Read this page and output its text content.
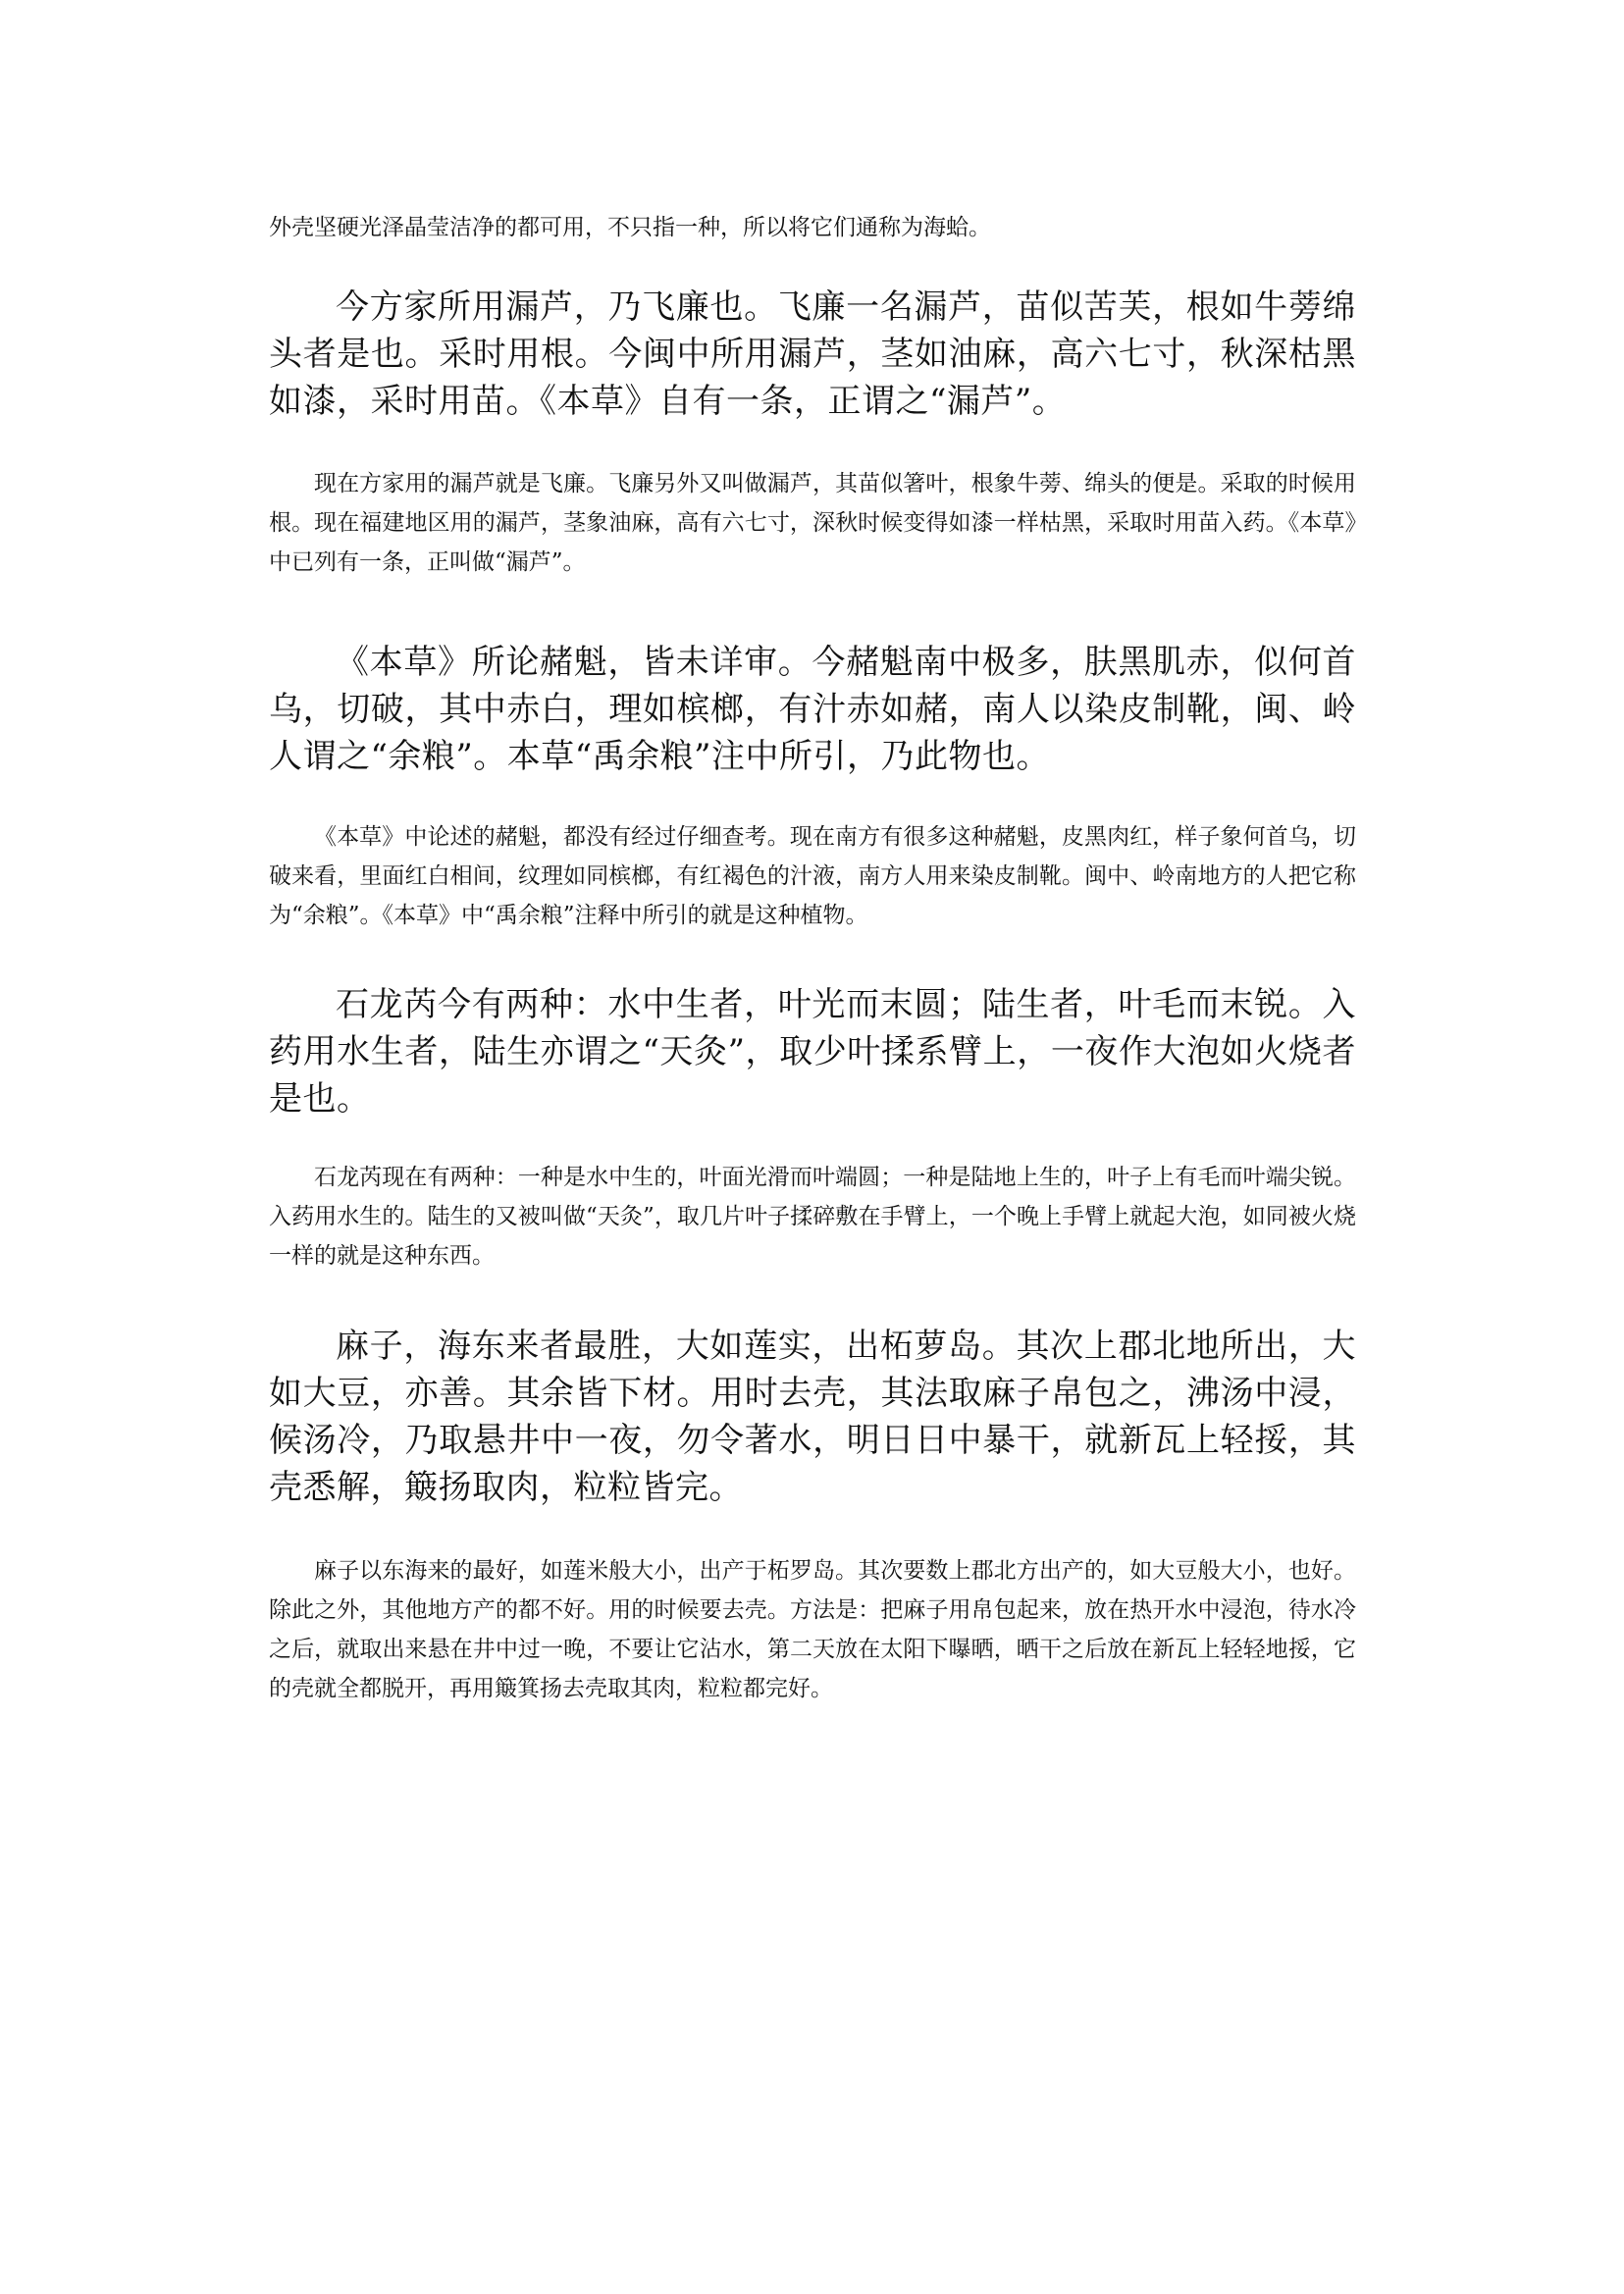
外壳坚硬光泽晶莹洁净的都可用，不只指一种，所以将它们通称为海蛤。

今方家所用漏芦，乃飞廉也。飞廉一名漏芦，苗似苦芙，根如牛蒡绵头者是也。采时用根。今闽中所用漏芦，茎如油麻，高六七寸，秋深枯黑如漆，采时用苗。《本草》自有一条，正谓之“漏芦”。

现在方家用的漏芦就是飞廉。飞廉另外又叫做漏芦，其苗似箸叶，根象牛蒡、绵头的便是。采取的时候用根。现在福建地区用的漏芦，茎象油麻，高有六七寸，深秋时候变得如漆一样枯黑，采取时用苗入药。《本草》中已列有一条，正叫做“漏芦”。

《本草》所论赭魁，皆未详审。今赭魁南中极多，肤黑肌赤，似何首乌，切破，其中赤白，理如槟榔，有汁赤如赭，南人以染皮制靴，闽、岭人谓之“余粮”。本草“禹余粮”注中所引，乃此物也。

《本草》中论述的赭魁，都没有经过仔细查考。现在南方有很多这种赭魁，皮黑肉红，样子象何首乌，切破来看，里面红白相间，纹理如同槟榔，有红褐色的汁液，南方人用来染皮制靴。闽中、岭南地方的人把它称为“余粮”。《本草》中“禹余粮”注释中所引的就是这种植物。

石龙芮今有两种：水中生者，叶光而末圆；陆生者，叶毛而末锐。入药用水生者，陆生亦谓之“天灸”，取少叶揉系臂上，一夜作大泡如火烧者是也。

石龙芮现在有两种：一种是水中生的，叶面光滑而叶端圆；一种是陆地上生的，叶子上有毛而叶端尖锐。入药用水生的。陆生的又被叫做“天灸”，取几片叶子揉碎敷在手臂上，一个晚上手臂上就起大泡，如同被火烧一样的就是这种东西。

麻子，海东来者最胜，大如莲实，出柘萝岛。其次上郡北地所出，大如大豆，亦善。其余皆下材。用时去壳，其法取麻子帛包之，沸汤中浸，候汤冷，乃取悬井中一夜，勿令著水，明日日中暴干，就新瓦上轻挼，其壳悉解，簸扬取肉，粒粒皆完。

麻子以东海来的最好，如莲米般大小，出产于柘罗岛。其次要数上郡北方出产的，如大豆般大小，也好。除此之外，其他地方产的都不好。用的时候要去壳。方法是：把麻子用帛包起来，放在热开水中浸泡，待水冷之后，就取出来悬在井中过一晚，不要让它沾水，第二天放在太阳下曝晒，晒干之后放在新瓦上轻轻地挼，它的壳就全都脱开，再用簸箕扬去壳取其肉，粒粒都完好。
